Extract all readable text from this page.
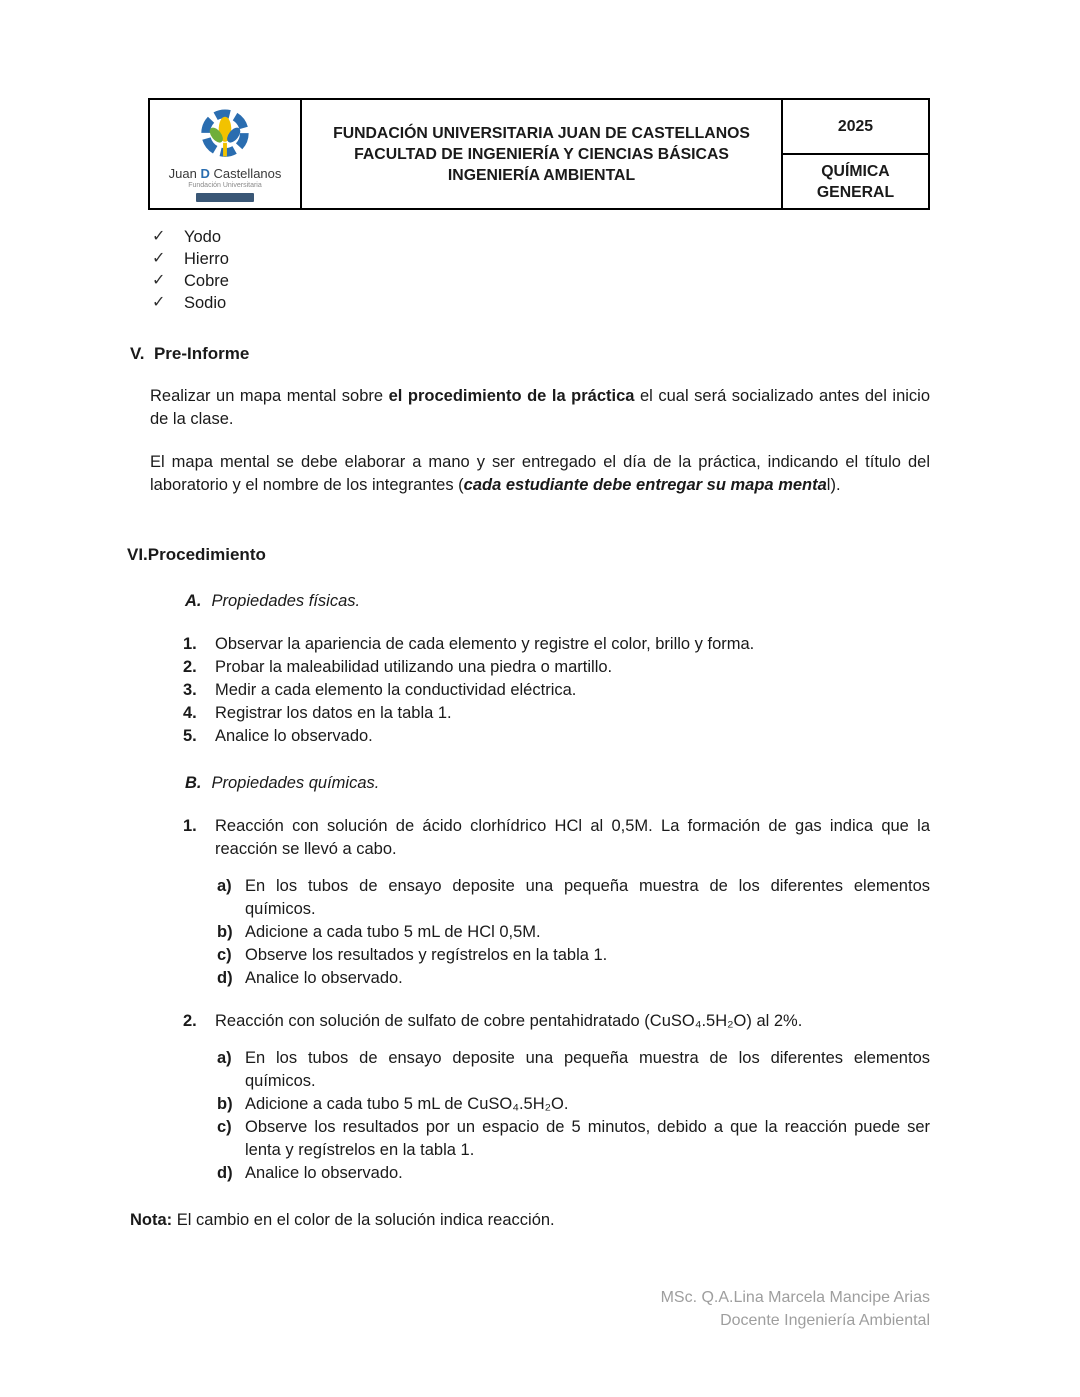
Juan D Castellanos
Fundación Universitaria
FUNDACIÓN UNIVERSITARIA JUAN DE CASTELLANOS
FACULTAD DE INGENIERÍA Y CIENCIAS BÁSICAS
INGENIERÍA AMBIENTAL
2025
QUÍMICA GENERAL
✓	Yodo
✓	Hierro
✓	Cobre
✓	Sodio
V.  Pre-Informe

Realizar un mapa mental sobre el procedimiento de la práctica el cual será socializado antes del inicio de la clase.

El mapa mental se debe elaborar a mano y ser entregado el día de la práctica, indicando el título del laboratorio y el nombre de los integrantes (cada estudiante debe entregar su mapa mental).

VI.Procedimiento
A. Propiedades físicas.
1.	Observar la apariencia de cada elemento y registre el color, brillo y forma.
2.	Probar la maleabilidad utilizando una piedra o martillo.
3.	Medir a cada elemento la conductividad eléctrica.
4.	Registrar los datos en la tabla 1.
5.	Analice lo observado.
B. Propiedades químicas.
1.	Reacción con solución de ácido clorhídrico HCl al 0,5M. La formación de gas indica que la reacción se llevó a cabo.
a) En los tubos de ensayo deposite una pequeña muestra de los diferentes elementos químicos.
b) Adicione a cada tubo 5 mL de HCl 0,5M.
c) Observe los resultados y regístrelos en la tabla 1.
d) Analice lo observado.
2.	Reacción con solución de sulfato de cobre pentahidratado (CuSO₄.5H₂O) al 2%.
a) En los tubos de ensayo deposite una pequeña muestra de los diferentes elementos químicos.
b) Adicione a cada tubo 5 mL de CuSO₄.5H₂O.
c) Observe los resultados por un espacio de 5 minutos, debido a que la reacción puede ser lenta y regístrelos en la tabla 1.
d) Analice lo observado.

Nota: El cambio en el color de la solución indica reacción.

MSc. Q.A.Lina Marcela Mancipe Arias
Docente Ingeniería Ambiental
